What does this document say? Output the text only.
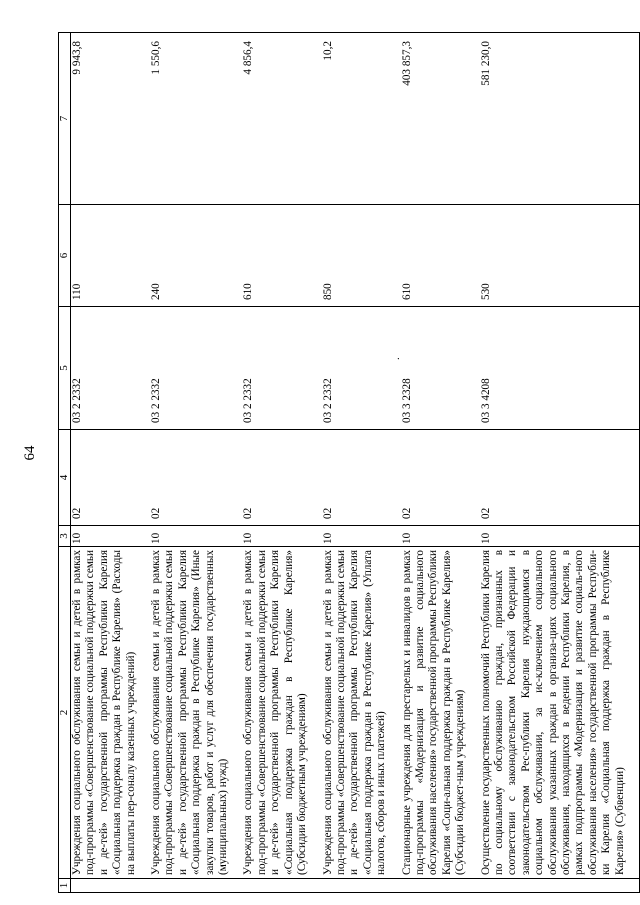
64
1	2	3	4	5	6	7
	Учреждения социального обслуживания семьи и детей в рамках под-программы «Совершенствование социальной поддержки семьи и де-тей» государственной программы Республики Карелия «Социальная поддержка граждан в Республике Карелия» (Расходы на выплаты пер-соналу казенных учреждений)	10	02	03 2 2332	110	9 943,8
	Учреждения социального обслуживания семьи и детей в рамках под-программы «Совершенствование социальной поддержки семьи и де-тей» государственной программы Республики Карелия «Социальная поддержка граждан в Республике Карелия» (Иные закупки товаров, работ и услуг для обеспечения государственных (муниципальных) нужд)	10	02	03 2 2332	240	1 550,6
	Учреждения социального обслуживания семьи и детей в рамках под-программы «Совершенствование социальной поддержки семьи и де-тей» государственной программы Республики Карелия «Социальная поддержка граждан в Республике Карелия» (Субсидии бюджетным учреждениям)	10	02	03 2 2332	610	4 856,4
	Учреждения социального обслуживания семьи и детей в рамках под-программы «Совершенствование социальной поддержки семьи и де-тей» государственной программы Республики Карелия «Социальная поддержка граждан в Республике Карелия» (Уплата налогов, сборов и иных платежей)	10	02	03 2 2332	850	10,2
	Стационарные учреждения для престарелых и инвалидов в рамках под-программы «Модернизация и развитие социального обслуживания населения» государственной программы Республики Карелия «Соци-альная поддержка граждан в Республике Карелия» (Субсидии бюджет-ным учреждениям)	10	02	03 3 2328	610	403 857,3
	Осуществление государственных полномочий Республики Карелия по социальному обслуживанию граждан, признанных в соответствии с законодательством Российской Федерации и законодательством Рес-публики Карелия нуждающимися в социальном обслуживании, за ис-ключением социального обслуживания указанных граждан в организа-циях социального обслуживания, находящихся в ведении Республики Карелия, в рамках подпрограммы «Модернизация и развитие социаль-ного обслуживания населения» государственной программы Республи-ки Карелия «Социальная поддержка граждан в Республике Карелия» (Субвенции)	10	02	03 3 4208	530	581 230,0
.
